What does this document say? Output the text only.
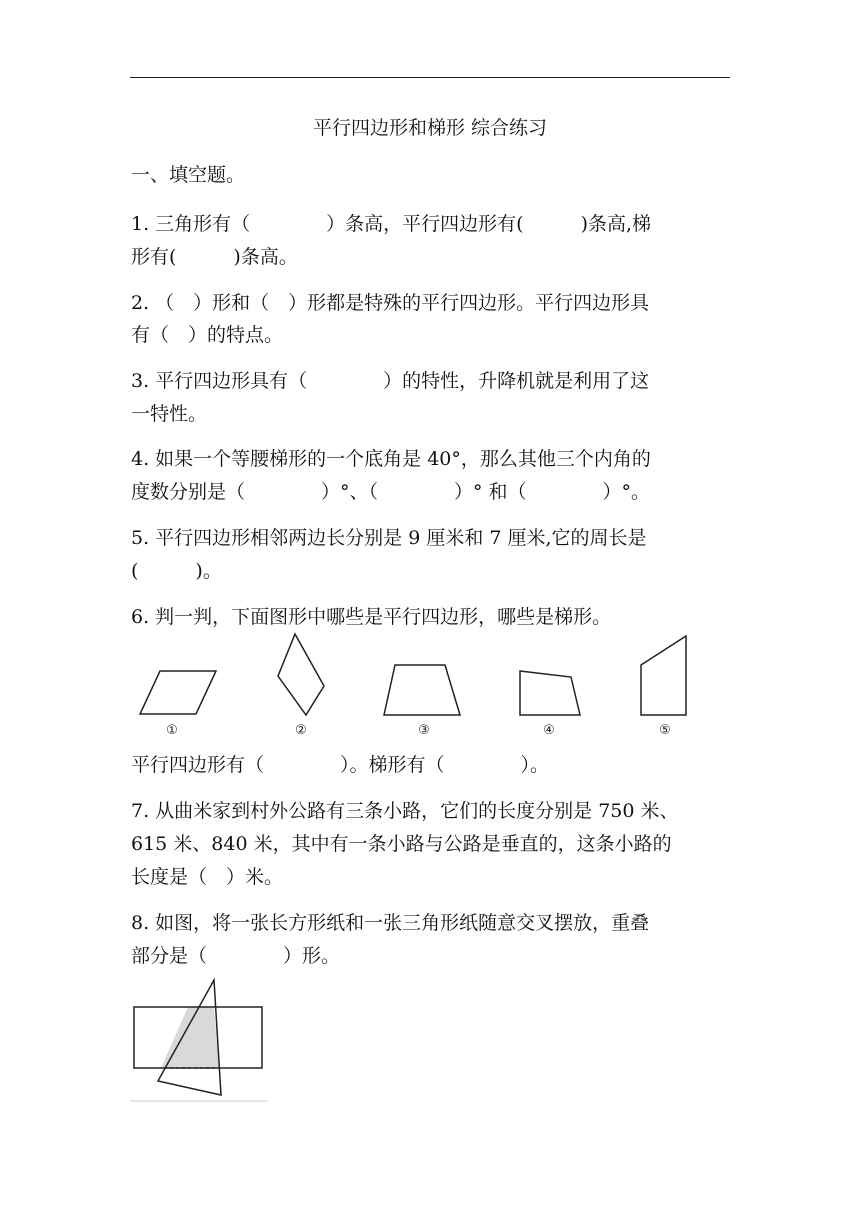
平行四边形和梯形 综合练习
一、填空题。
1. 三角形有（　　　　）条高，平行四边形有(　　　)条高,梯
形有(　　　)条高。
2. （　）形和（　）形都是特殊的平行四边形。平行四边形具
有（　）的特点。
3. 平行四边形具有（　　　　）的特性，升降机就是利用了这
一特性。
4. 如果一个等腰梯形的一个底角是 40°，那么其他三个内角的
度数分别是（　　　　）°、（　　　　）° 和（　　　　）°。
5. 平行四边形相邻两边长分别是 9 厘米和 7 厘米,它的周长是
(　　　)。
6. 判一判，下面图形中哪些是平行四边形，哪些是梯形。
①	②	③	④	⑤
平行四边形有（　　　　）。梯形有（　　　　）。
7. 从曲米家到村外公路有三条小路，它们的长度分别是 750 米、
615 米、840 米，其中有一条小路与公路是垂直的，这条小路的
长度是（　）米。
8. 如图，将一张长方形纸和一张三角形纸随意交叉摆放，重叠
部分是（　　　　）形。
